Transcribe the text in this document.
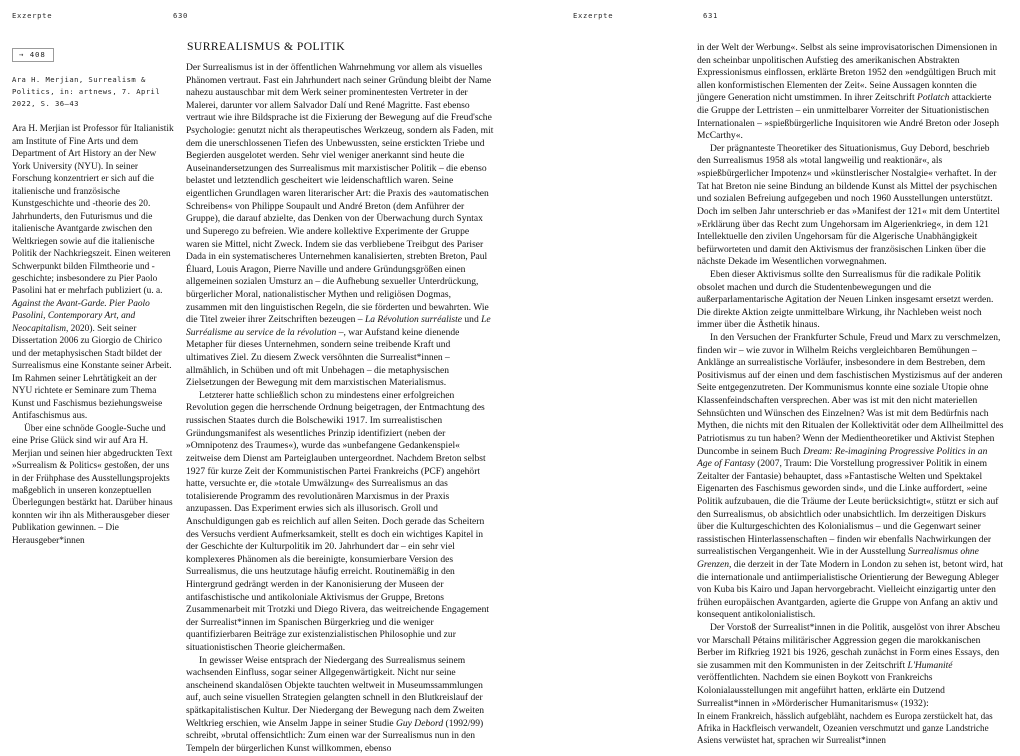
Exzerpte	630
→ 408
Ara H. Merjian, Surrealism & Politics, in: artnews, 7. April 2022, S. 36–43

Ara H. Merjian ist Professor für Italianistik am Institute of Fine Arts und dem Department of Art History an der New York University (NYU). In seiner Forschung konzentriert er sich auf die italienische und französische Kunstgeschichte und -theorie des 20. Jahrhunderts, den Futurismus und die italienische Avantgarde zwischen den Weltkriegen sowie auf die italienische Politik der Nachkriegszeit. Einen weiteren Schwerpunkt bilden Filmtheorie und -geschichte; insbesondere zu Pier Paolo Pasolini hat er mehrfach publiziert (u. a. Against the Avant-Garde. Pier Paolo Pasolini, Contemporary Art, and Neocapitalism, 2020). Seit seiner Dissertation 2006 zu Giorgio de Chirico und der metaphysischen Stadt bildet der Surrealismus eine Konstante seiner Arbeit. Im Rahmen seiner Lehrtätigkeit an der NYU richtete er Seminare zum Thema Kunst und Faschismus beziehungsweise Antifaschismus aus.

Über eine schnöde Google-Suche und eine Prise Glück sind wir auf Ara H. Merjian und seinen hier abgedruckten Text »Surrealism & Politics« gestoßen, der uns in der Frühphase des Ausstellungsprojekts maßgeblich in unseren konzeptuellen Überlegungen bestärkt hat. Darüber hinaus konnten wir ihn als Mitherausgeber dieser Publikation gewinnen. – Die Herausgeber*innen

SURREALISMUS & POLITIK

Der Surrealismus ist in der öffentlichen Wahrnehmung vor allem als visuelles Phänomen vertraut. Fast ein Jahrhundert nach seiner Gründung bleibt der Name nahezu austauschbar mit dem Werk seiner prominentesten Vertreter in der Malerei, darunter vor allem Salvador Dalí und René Magritte. Fast ebenso vertraut wie ihre Bildsprache ist die Fixierung der Bewegung auf die Freud'sche Psychologie: genutzt nicht als therapeutisches Werkzeug, sondern als Faden, mit dem die unerschlossenen Tiefen des Unbewussten, seine erstickten Triebe und Begierden ausgelotet werden. Sehr viel weniger anerkannt sind heute die Auseinandersetzungen des Surrealismus mit marxistischer Politik – die ebenso belastet und letztendlich gescheitert wie leidenschaftlich waren. Seine eigentlichen Grundlagen waren literarischer Art: die Praxis des »automatischen Schreibens« von Philippe Soupault und André Breton (dem Anführer der Gruppe), die darauf abzielte, das Denken von der Überwachung durch Syntax und Superego zu befreien. Wie andere kollektive Experimente der Gruppe waren sie Mittel, nicht Zweck. Indem sie das verbliebene Treibgut des Pariser Dada in ein systematischeres Unternehmen kanalisierten, strebten Breton, Paul Éluard, Louis Aragon, Pierre Naville und andere Gründungsgrößen einen allgemeinen sozialen Umsturz an – die Aufhebung sexueller Unterdrückung, bürgerlicher Moral, nationalistischer Mythen und religiösen Dogmas, zusammen mit den linguistischen Regeln, die sie förderten und bewahrten. Wie die Titel zweier ihrer Zeitschriften bezeugen – La Révolution surréaliste und Le Surréalisme au service de la révolution –, war Aufstand keine dienende Metapher für dieses Unternehmen, sondern seine treibende Kraft und ultimatives Ziel. Zu diesem Zweck versöhnten die Surrealist*innen – allmählich, in Schüben und oft mit Unbehagen – die metaphysischen Zielsetzungen der Bewegung mit dem marxistischen Materialismus.

Letzterer hatte schließlich schon zu mindestens einer erfolgreichen Revolution gegen die herrschende Ordnung beigetragen, der Entmachtung des russischen Staates durch die Bolschewiki 1917. Im surrealistischen Gründungsmanifest als wesentliches Prinzip identifiziert (neben der »Omnipotenz des Traumes«), wurde das »unbefangene Gedankenspiel« zeitweise dem Dienst am Parteiglauben untergeordnet. Nachdem Breton selbst 1927 für kurze Zeit der Kommunistischen Partei Frankreichs (PCF) angehört hatte, versuchte er, die »totale Umwälzung« des Surrealismus an das totalisierende Programm des revolutionären Marxismus in der Praxis anzupassen. Das Experiment erwies sich als illusorisch. Groll und Anschuldigungen gab es reichlich auf allen Seiten. Doch gerade das Scheitern des Versuchs verdient Aufmerksamkeit, stellt es doch ein wichtiges Kapitel in der Geschichte der Kulturpolitik im 20. Jahrhundert dar – ein sehr viel komplexeres Phänomen als die bereinigte, konsumierbare Version des Surrealismus, die uns heutzutage häufig erreicht. Routinemäßig in den Hintergrund gedrängt werden in der Kanonisierung der Museen der antifaschistische und antikoloniale Aktivismus der Gruppe, Bretons Zusammenarbeit mit Trotzki und Diego Rivera, das weitreichende Engagement der Surrealist*innen im Spanischen Bürgerkrieg und die weniger quantifizierbaren Beiträge zur existenzialistischen Philosophie und zur situationistischen Theorie gleichermaßen.

In gewisser Weise entsprach der Niedergang des Surrealismus seinem wachsenden Einfluss, sogar seiner Allgegenwärtigkeit. Nicht nur seine anscheinend skandalösen Objekte tauchten weltweit in Museumssammlungen auf, auch seine visuellen Strategien gelangten schnell in den Blutkreislauf der spätkapitalistischen Kultur. Der Niedergang der Bewegung nach dem Zweiten Weltkrieg erschien, wie Anselm Jappe in seiner Studie Guy Debord (1992/99) schreibt, »brutal offensichtlich: Zum einen war der Surrealismus nun in den Tempeln der bürgerlichen Kunst willkommen, ebenso

Exzerpte	631

in der Welt der Werbung«. Selbst als seine improvisatorischen Dimensionen in den scheinbar unpolitischen Aufstieg des amerikanischen Abstrakten Expressionismus einflossen, erklärte Breton 1952 den »endgültigen Bruch mit allen konformistischen Elementen der Zeit«. Seine Aussagen konnten die jüngere Generation nicht umstimmen. In ihrer Zeitschrift Potlatch attackierte die Gruppe der Lettristen – ein unmittelbarer Vorreiter der Situationistischen Internationalen – »spießbürgerliche Inquisitoren wie André Breton oder Joseph McCarthy«.

Der prägnanteste Theoretiker des Situationismus, Guy Debord, beschrieb den Surrealismus 1958 als »total langweilig und reaktionär«, als »spießbürgerlicher Impotenz« und »künstlerischer Nostalgie« verhaftet. In der Tat hat Breton nie seine Bindung an bildende Kunst als Mittel der psychischen und sozialen Befreiung aufgegeben und noch 1960 Ausstellungen unterstützt. Doch im selben Jahr unterschrieb er das »Manifest der 121« mit dem Untertitel »Erklärung über das Recht zum Ungehorsam im Algerienkrieg«, in dem 121 Intellektuelle den zivilen Ungehorsam für die Algerische Unabhängigkeit befürworteten und damit den Aktivismus der französischen Linken über die nächste Dekade im Wesentlichen vorwegnahmen.

Eben dieser Aktivismus sollte den Surrealismus für die radikale Politik obsolet machen und durch die Studentenbewegungen und die außerparlamentarische Agitation der Neuen Linken insgesamt ersetzt werden. Die direkte Aktion zeigte unmittelbare Wirkung, ihr Nachleben weist noch immer über die Ästhetik hinaus.

In den Versuchen der Frankfurter Schule, Freud und Marx zu verschmelzen, finden wir – wie zuvor in Wilhelm Reichs vergleichbaren Bemühungen – Anklänge an surrealistische Vorläufer, insbesondere in dem Bestreben, dem Positivismus auf der einen und dem faschistischen Mystizismus auf der anderen Seite entgegenzutreten. Der Kommunismus konnte eine soziale Utopie ohne Klassenfeindschaften versprechen. Aber was ist mit den nicht materiellen Sehnsüchten und Wünschen des Einzelnen? Was ist mit dem Bedürfnis nach Mythen, die nichts mit den Ritualen der Kollektivität oder dem Allheilmittel des Patriotismus zu tun haben? Wenn der Medientheoretiker und Aktivist Stephen Duncombe in seinem Buch Dream: Re-imagining Progressive Politics in an Age of Fantasy (2007, Traum: Die Vorstellung progressiver Politik in einem Zeitalter der Fantasie) behauptet, dass »Fantastische Welten und Spektakel Eigenarten des Faschismus geworden sind«, und die Linke auffordert, »eine Politik aufzubauen, die die Träume der Leute berücksichtigt«, stützt er sich auf den Surrealismus, ob absichtlich oder unabsichtlich. Im derzeitigen Diskurs über die Kulturgeschichten des Kolonialismus – und die Gegenwart seiner rassistischen Hinterlassenschaften – finden wir ebenfalls Nachwirkungen der surrealistischen Vergangenheit. Wie in der Ausstellung Surrealismus ohne Grenzen, die derzeit in der Tate Modern in London zu sehen ist, betont wird, hat die internationale und antiimperialistische Orientierung der Bewegung Ableger von Kuba bis Kairo und Japan hervorgebracht. Vielleicht einzigartig unter den frühen europäischen Avantgarden, agierte die Gruppe von Anfang an aktiv und konsequent antikolonialistisch.

Der Vorstoß der Surrealist*innen in die Politik, ausgelöst von ihrer Abscheu vor Marschall Pétains militärischer Aggression gegen die marokkanischen Berber im Rifkrieg 1921 bis 1926, geschah zunächst in Form eines Essays, den sie zusammen mit den Kommunisten in der Zeitschrift L'Humanité veröffentlichten. Nachdem sie einen Boykott von Frankreichs Kolonialausstellungen mit angeführt hatten, erklärte ein Dutzend Surrealist*innen in »Mörderischer Humanitarismus« (1932):

In einem Frankreich, hässlich aufgebläht, nachdem es Europa zerstückelt hat, das Afrika in Hackfleisch verwandelt, Ozeanien verschmutzt und ganze Landstriche Asiens verwüstet hat, sprachen wir Surrealist*innen
